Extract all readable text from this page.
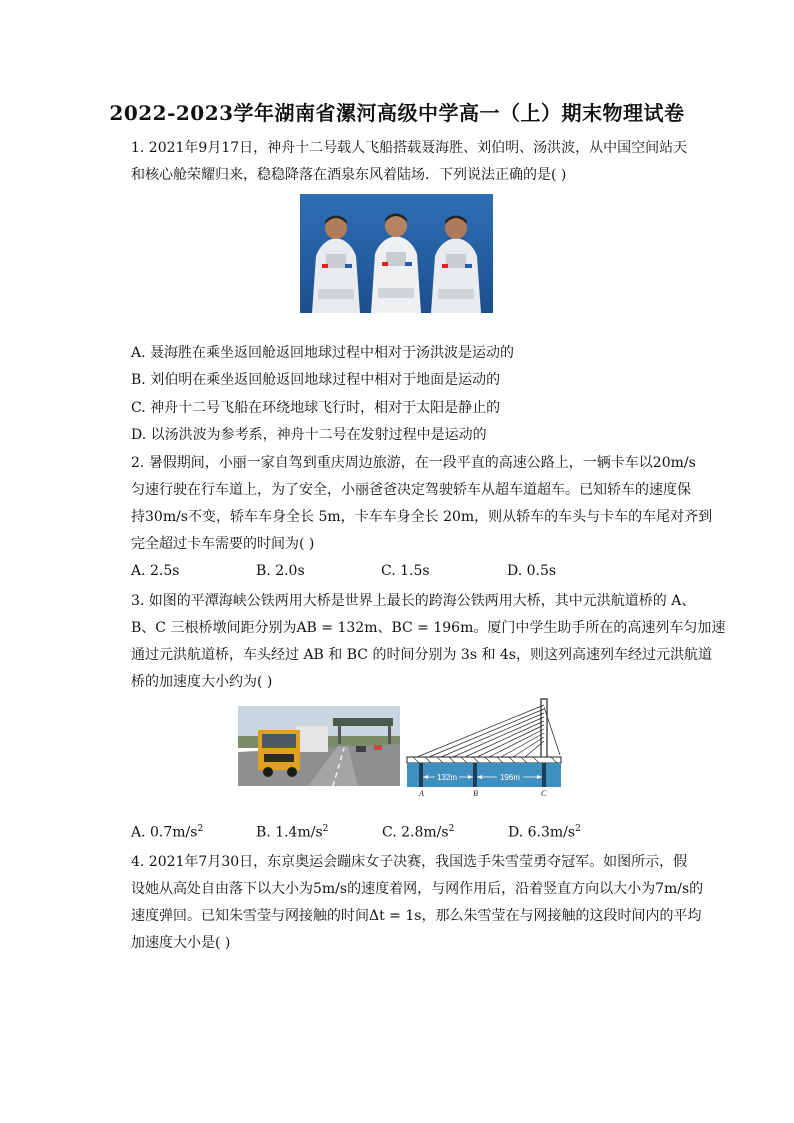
2022-2023学年湖南省漯河高级中学高一（上）期末物理试卷
1. 2021年9月17日，神舟十二号载人飞船搭载聂海胜、刘伯明、汤洪波，从中国空间站天
和核心舱荣耀归来，稳稳降落在酒泉东风着陆场．下列说法正确的是( )
A. 聂海胜在乘坐返回舱返回地球过程中相对于汤洪波是运动的
B. 刘伯明在乘坐返回舱返回地球过程中相对于地面是运动的
C. 神舟十二号飞船在环绕地球飞行时，相对于太阳是静止的
D. 以汤洪波为参考系，神舟十二号在发射过程中是运动的
2. 暑假期间，小丽一家自驾到重庆周边旅游，在一段平直的高速公路上，一辆卡车以20m/s
匀速行驶在行车道上，为了安全，小丽爸爸决定驾驶轿车从超车道超车。已知轿车的速度保
持30m/s不变，轿车车身全长 5m，卡车车身全长 20m，则从轿车的车头与卡车的车尾对齐到
完全超过卡车需要的时间为( )
A. 2.5s	B. 2.0s	C. 1.5s	D. 0.5s
3. 如图的平潭海峡公铁两用大桥是世界上最长的跨海公铁两用大桥，其中元洪航道桥的 A、
B、C 三根桥墩间距分别为AB = 132m、BC = 196m。厦门中学生助手所在的高速列车匀加速
通过元洪航道桥，车头经过 AB 和 BC 的时间分别为 3s 和 4s，则这列高速列车经过元洪航道
桥的加速度大小约为( )
132m	196m
A	B	C
A. $0.7m/s^2$	B. $1.4m/s^2$	C. $2.8m/s^2$	D. $6.3m/s^2$
4. 2021年7月30日，东京奥运会蹦床女子决赛，我国选手朱雪莹勇夺冠军。如图所示，假
设她从高处自由落下以大小为5m/s的速度着网，与网作用后，沿着竖直方向以大小为7m/s的
速度弹回。已知朱雪莹与网接触的时间Δt = 1s，那么朱雪莹在与网接触的这段时间内的平均
加速度大小是( )
